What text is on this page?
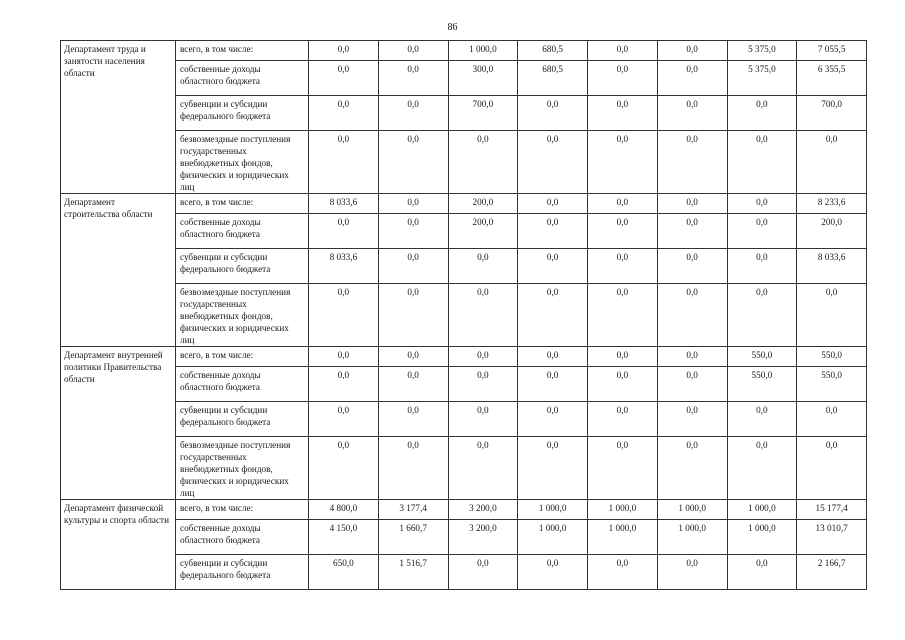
86
Департамент труда и занятости населения области	всего, в том числе:	0,0	0,0	1 000,0	680,5	0,0	0,0	5 375,0	7 055,5
	собственные доходы областного бюджета	0,0	0,0	300,0	680,5	0,0	0,0	5 375,0	6 355,5
	субвенции и субсидии федерального бюджета	0,0	0,0	700,0	0,0	0,0	0,0	0,0	700,0
	безвозмездные поступления государственных внебюджетных фондов, физических и юридических лиц	0,0	0,0	0,0	0,0	0,0	0,0	0,0	0,0
Департамент строительства области	всего, в том числе:	8 033,6	0,0	200,0	0,0	0,0	0,0	0,0	8 233,6
	собственные доходы областного бюджета	0,0	0,0	200,0	0,0	0,0	0,0	0,0	200,0
	субвенции и субсидии федерального бюджета	8 033,6	0,0	0,0	0,0	0,0	0,0	0,0	8 033,6
	безвозмездные поступления государственных внебюджетных фондов, физических и юридических лиц	0,0	0,0	0,0	0,0	0,0	0,0	0,0	0,0
Департамент внутренней политики Правительства области	всего, в том числе:	0,0	0,0	0,0	0,0	0,0	0,0	550,0	550,0
	собственные доходы областного бюджета	0,0	0,0	0,0	0,0	0,0	0,0	550,0	550,0
	субвенции и субсидии федерального бюджета	0,0	0,0	0,0	0,0	0,0	0,0	0,0	0,0
	безвозмездные поступления государственных внебюджетных фондов, физических и юридических лиц	0,0	0,0	0,0	0,0	0,0	0,0	0,0	0,0
Департамент физической культуры и спорта области	всего, в том числе:	4 800,0	3 177,4	3 200,0	1 000,0	1 000,0	1 000,0	1 000,0	15 177,4
	собственные доходы областного бюджета	4 150,0	1 660,7	3 200,0	1 000,0	1 000,0	1 000,0	1 000,0	13 010,7
	субвенции и субсидии федерального бюджета	650,0	1 516,7	0,0	0,0	0,0	0,0	0,0	2 166,7
